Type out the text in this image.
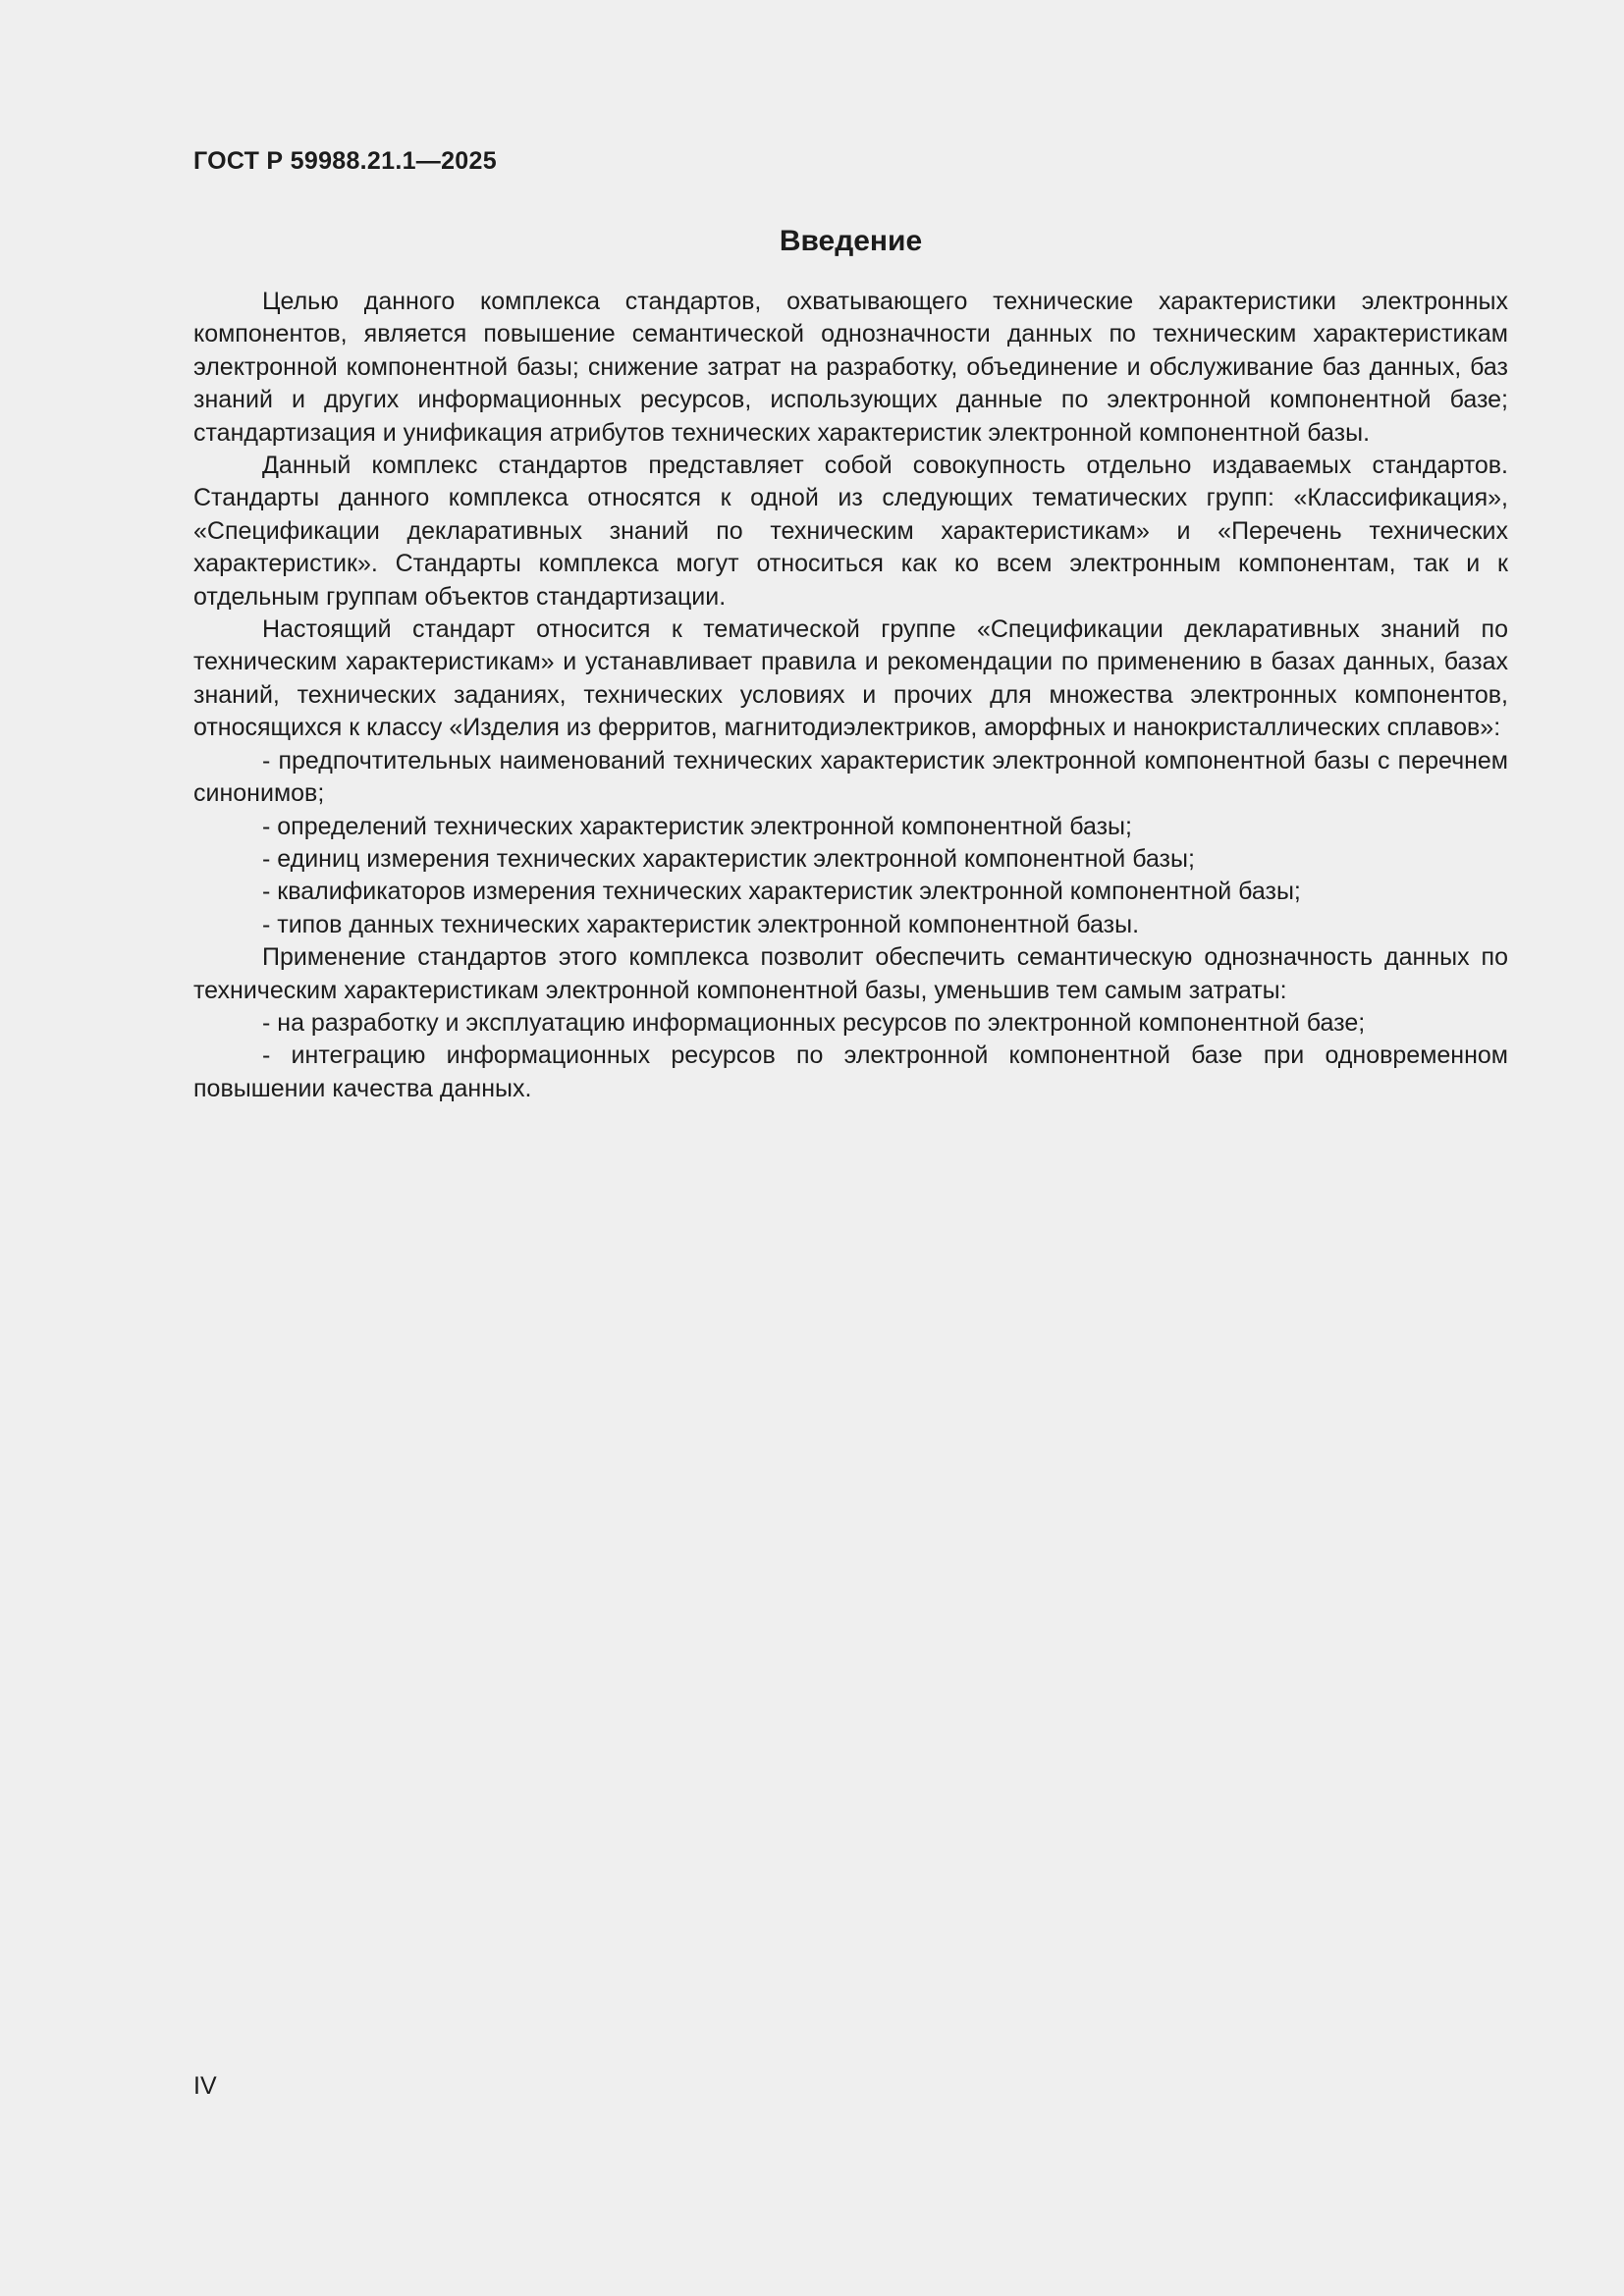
ГОСТ Р 59988.21.1—2025
Введение

Целью данного комплекса стандартов, охватывающего технические характеристики электронных компонентов, является повышение семантической однозначности данных по техническим характеристикам электронной компонентной базы; снижение затрат на разработку, объединение и обслуживание баз данных, баз знаний и других информационных ресурсов, использующих данные по электронной компонентной базе; стандартизация и унификация атрибутов технических характеристик электронной компонентной базы.

Данный комплекс стандартов представляет собой совокупность отдельно издаваемых стандартов. Стандарты данного комплекса относятся к одной из следующих тематических групп: «Классификация», «Спецификации декларативных знаний по техническим характеристикам» и «Перечень технических характеристик». Стандарты комплекса могут относиться как ко всем электронным компонентам, так и к отдельным группам объектов стандартизации.

Настоящий стандарт относится к тематической группе «Спецификации декларативных знаний по техническим характеристикам» и устанавливает правила и рекомендации по применению в базах данных, базах знаний, технических заданиях, технических условиях и прочих для множества электронных компонентов, относящихся к классу «Изделия из ферритов, магнитодиэлектриков, аморфных и нанокристаллических сплавов»:

- предпочтительных наименований технических характеристик электронной компонентной базы с перечнем синонимов;
- определений технических характеристик электронной компонентной базы;
- единиц измерения технических характеристик электронной компонентной базы;
- квалификаторов измерения технических характеристик электронной компонентной базы;
- типов данных технических характеристик электронной компонентной базы.

Применение стандартов этого комплекса позволит обеспечить семантическую однозначность данных по техническим характеристикам электронной компонентной базы, уменьшив тем самым затраты:

- на разработку и эксплуатацию информационных ресурсов по электронной компонентной базе;
- интеграцию информационных ресурсов по электронной компонентной базе при одновременном повышении качества данных.
IV
